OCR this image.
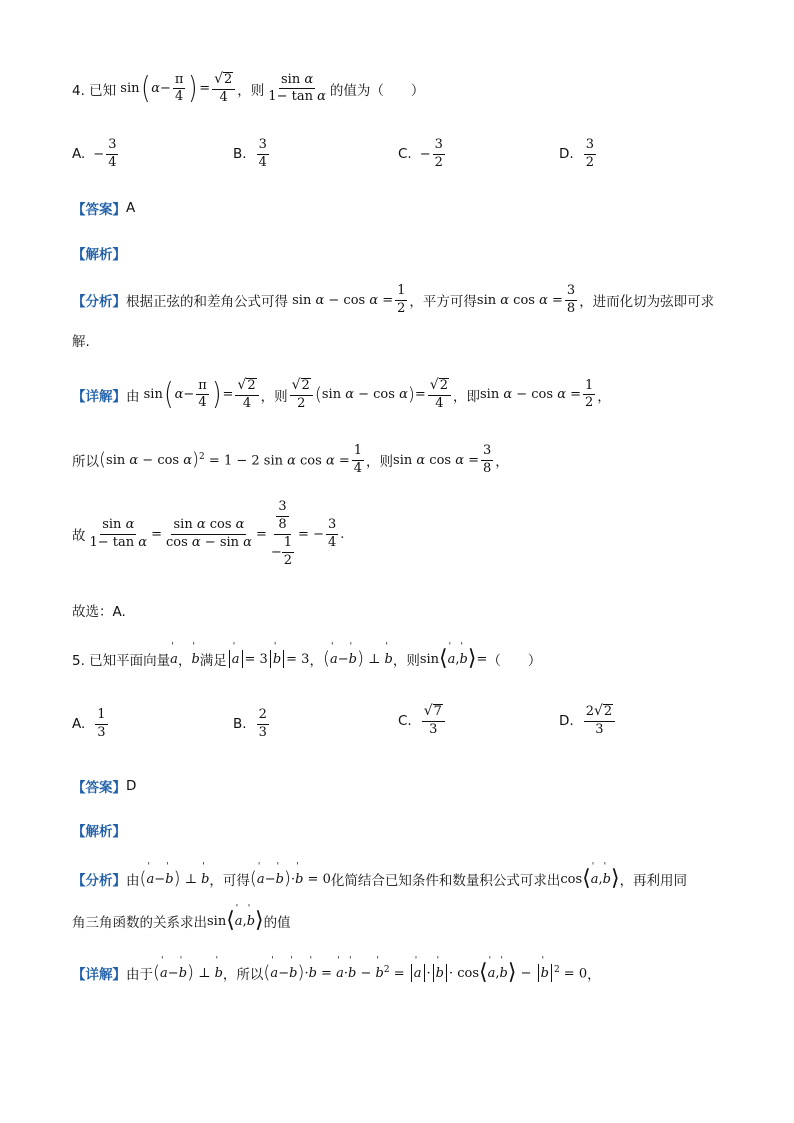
4. 已知 sin ( $\alpha- \frac{\pi}{4}$ ) = $\frac{√ 2}{4}$ ，则 $\frac{\text{sin α}}{\text{1− tan α}}$ 的值为（　　）
A. − $\frac{3}{4}$	B. $\frac{3}{4}$	C. − $\frac{3}{2}$	D. $\frac{3}{2}$
【答案】 A
【解析】
【分析】 根据正弦的和差角公式可得 $\sin \alpha - \cos \alpha = \frac{1}{2}$ ，平方可得 sin α $\cos \alpha = \frac{3}{8}$ ，进而化切为弦即可求
解.
【详解】 由 sin ( $\alpha- \frac{\pi}{4}$ ) = $\frac{√ 2}{4}$ ，则 $\frac{√ 2}{2}$ ( sin α − cos α ) = $\frac{√ 2}{4}$ ，即 $\sin \alpha - \cos \alpha = \frac{1}{2}$ ，
所以 ( sin α − cos α ) $^2$ = 1 − 2 sin α $\cos \alpha = \frac{1}{4}$ ，则 sin α $\cos \alpha = \frac{3}{8}$ ，
故 $\frac{\text{sin α}}{\text{1− tan α}} = \frac{\text{sin α cos α}}{\text{cos α − sin α}} = \frac{\frac{3}{8}}{- \frac{1}{2}}$ = − $\frac{3}{4}$ .
故选：A.
5. 已知平面向量 ' a ， ' b 满足 ' a = 3 ' b = 3 ， ( ' a − ' b ) ⊥ ' b ，则 sin ⟨ ' a , ' b ⟩ = （　　）
A. $\frac{1}{3}$	B. $\frac{2}{3}$	C. $\frac{√ 7}{3}$	D. $\frac{2 √ 2}{3}$
【答案】 D
【解析】
【分析】 由 ( ' a − ' b ) ⊥ ' b ，可得 ( ' a − ' b ) · ' b = 0 化简结合已知条件和数量积公式可求出 cos ⟨ ' a , ' b ⟩ ，再利用同
角三角函数的关系求出 sin ⟨ ' a , ' b ⟩ 的值
【详解】 由于 ( ' a − ' b ) ⊥ ' b ，所以 ( ' a − ' b ) · ' b = ' a · ' b − ' b $^2$ = ' a · ' b · cos ⟨ ' a , ' b ⟩ − ' b $^2$ = 0 ，
